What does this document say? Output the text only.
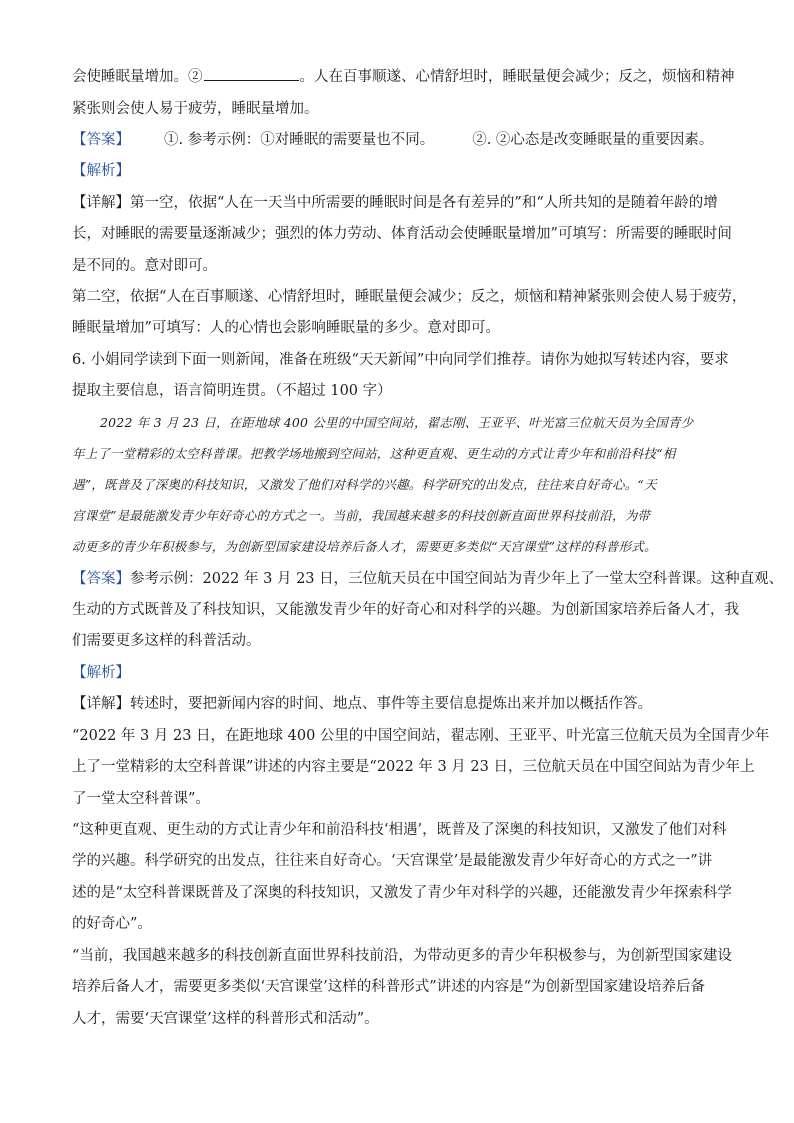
会使睡眠量增加。②	。人在百事顺遂、心情舒坦时，睡眠量便会减少；反之，烦恼和精神
紧张则会使人易于疲劳，睡眠量增加。
【答案】 ①. 参考示例：①对睡眠的需要量也不同。	②. ②心态是改变睡眠量的重要因素。
【解析】
【详解】第一空，依据“人在一天当中所需要的睡眠时间是各有差异的”和“人所共知的是随着年龄的增
长，对睡眠的需要量逐渐减少；强烈的体力劳动、体育活动会使睡眠量增加”可填写：所需要的睡眠时间
是不同的。意对即可。
第二空，依据“人在百事顺遂、心情舒坦时，睡眠量便会减少；反之，烦恼和精神紧张则会使人易于疲劳，
睡眠量增加”可填写：人的心情也会影响睡眠量的多少。意对即可。
6. 小娟同学读到下面一则新闻，准备在班级“天天新闻”中向同学们推荐。请你为她拟写转述内容，要求
提取主要信息，语言简明连贯。（不超过 100 字）
2022 年 3 月 23 日，在距地球 400 公里的中国空间站，翟志刚、王亚平、叶光富三位航天员为全国青少
年上了一堂精彩的太空科普课。把教学场地搬到空间站，这种更直观、更生动的方式让青少年和前沿科技“相
遇”，既普及了深奥的科技知识，又激发了他们对科学的兴趣。科学研究的出发点，往往来自好奇心。“天
宫课堂”是最能激发青少年好奇心的方式之一。当前，我国越来越多的科技创新直面世界科技前沿，为带
动更多的青少年积极参与，为创新型国家建设培养后备人才，需要更多类似“天宫课堂”这样的科普形式。
【答案】参考示例：2022 年 3 月 23 日，三位航天员在中国空间站为青少年上了一堂太空科普课。这种直观、
生动的方式既普及了科技知识，又能激发青少年的好奇心和对科学的兴趣。为创新国家培养后备人才，我
们需要更多这样的科普活动。
【解析】
【详解】转述时，要把新闻内容的时间、地点、事件等主要信息提炼出来并加以概括作答。
“2022 年 3 月 23 日，在距地球 400 公里的中国空间站，翟志刚、王亚平、叶光富三位航天员为全国青少年
上了一堂精彩的太空科普课”讲述的内容主要是“2022 年 3 月 23 日，三位航天员在中国空间站为青少年上
了一堂太空科普课”。
“这种更直观、更生动的方式让青少年和前沿科技‘相遇’，既普及了深奥的科技知识，又激发了他们对科
学的兴趣。科学研究的出发点，往往来自好奇心。‘天宫课堂’是最能激发青少年好奇心的方式之一”讲
述的是“太空科普课既普及了深奥的科技知识，又激发了青少年对科学的兴趣，还能激发青少年探索科学
的好奇心”。
“当前，我国越来越多的科技创新直面世界科技前沿，为带动更多的青少年积极参与，为创新型国家建设
培养后备人才，需要更多类似‘天宫课堂’这样的科普形式”讲述的内容是“为创新型国家建设培养后备
人才，需要‘天宫课堂’这样的科普形式和活动”。
